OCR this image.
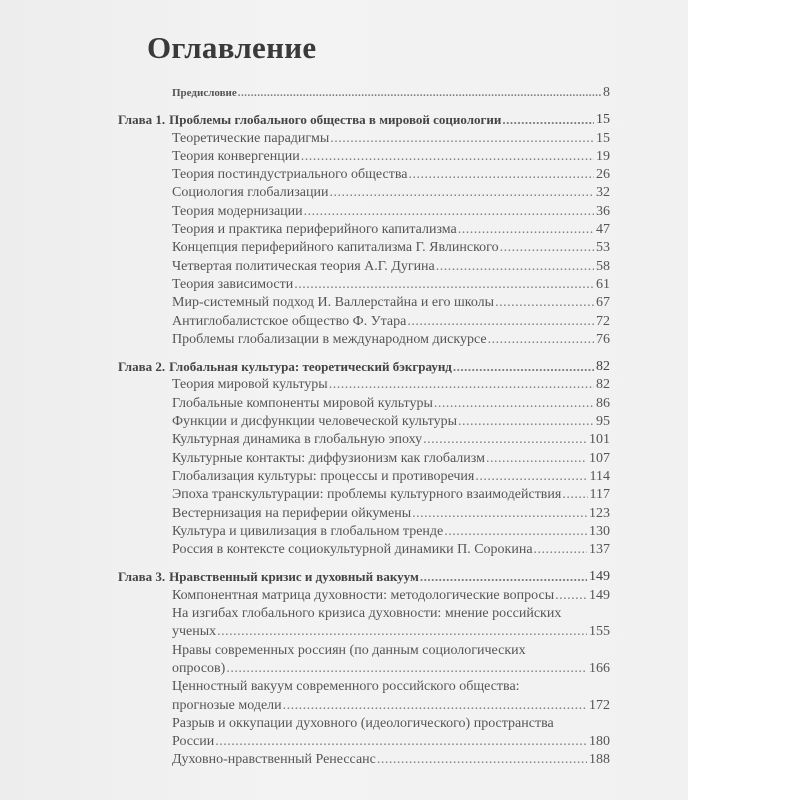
Оглавление
Предисловие .....	8
Глава 1. Проблемы глобального общества в мировой социологии .....	15
Теоретические парадигмы .....	15
Теория конвергенции .....	19
Теория постиндустриального общества .....	26
Социология глобализации .....	32
Теория модернизации .....	36
Теория и практика периферийного капитализма .....	47
Концепция периферийного капитализма Г. Явлинского .....	53
Четвертая политическая теория А.Г. Дугина .....	58
Теория зависимости .....	61
Мир-системный подход И. Валлерстайна и его школы .....	67
Антиглобалистское общество Ф. Утара .....	72
Проблемы глобализации в международном дискурсе .....	76
Глава 2. Глобальная культура: теоретический бэкграунд .....	82
Теория мировой культуры .....	82
Глобальные компоненты мировой культуры .....	86
Функции и дисфункции человеческой культуры .....	95
Культурная динамика в глобальную эпоху .....	101
Культурные контакты: диффузионизм как глобализм .....	107
Глобализация культуры: процессы и противоречия .....	114
Эпоха транскультурации: проблемы культурного взаимодействия ..... 117
Вестернизация на периферии ойкумены .....	123
Культура и цивилизация в глобальном тренде .....	130
Россия в контексте социокультурной динамики П. Сорокина .....	137
Глава 3. Нравственный кризис и духовный вакуум .....	149
Компонентная матрица духовности: методологические вопросы ..... 149
На изгибах глобального кризиса духовности: мнение российских
ученых .....	155
Нравы современных россиян (по данным социологических
опросов) .....	166
Ценностный вакуум современного российского общества:
прогнозые модели .....	172
Разрыв и оккупации духовного (идеологического) пространства
России .....	180
Духовно-нравственный Ренессанс .....	188
